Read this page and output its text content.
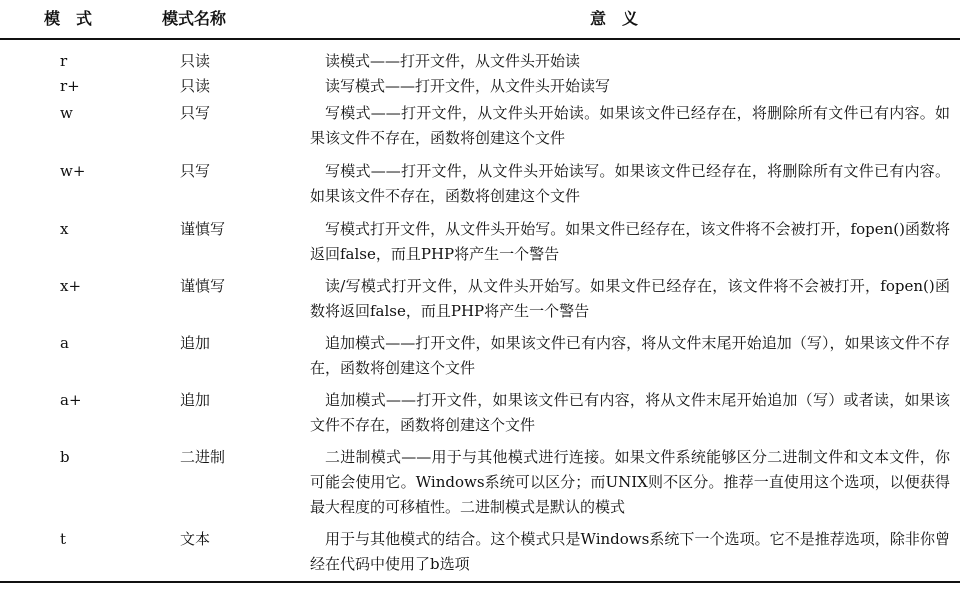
模　式	模式名称	意　义
r	只读	读模式——打开文件，从文件头开始读
r+	只读	读写模式——打开文件，从文件头开始读写
w	只写	写模式——打开文件，从文件头开始读。如果该文件已经存在，将删除所有文件已有内容。如果该文件不存在，函数将创建这个文件
w+	只写	写模式——打开文件，从文件头开始读写。如果该文件已经存在，将删除所有文件已有内容。如果该文件不存在，函数将创建这个文件
x	谨慎写	写模式打开文件，从文件头开始写。如果文件已经存在，该文件将不会被打开，fopen()函数将返回false，而且PHP将产生一个警告
x+	谨慎写	读/写模式打开文件，从文件头开始写。如果文件已经存在，该文件将不会被打开，fopen()函数将返回false，而且PHP将产生一个警告
a	追加	追加模式——打开文件，如果该文件已有内容，将从文件末尾开始追加（写），如果该文件不存在，函数将创建这个文件
a+	追加	追加模式——打开文件，如果该文件已有内容，将从文件末尾开始追加（写）或者读，如果该文件不存在，函数将创建这个文件
b	二进制	二进制模式——用于与其他模式进行连接。如果文件系统能够区分二进制文件和文本文件，你可能会使用它。Windows系统可以区分；而UNIX则不区分。推荐一直使用这个选项，以便获得最大程度的可移植性。二进制模式是默认的模式
t	文本	用于与其他模式的结合。这个模式只是Windows系统下一个选项。它不是推荐选项，除非你曾经在代码中使用了b选项
